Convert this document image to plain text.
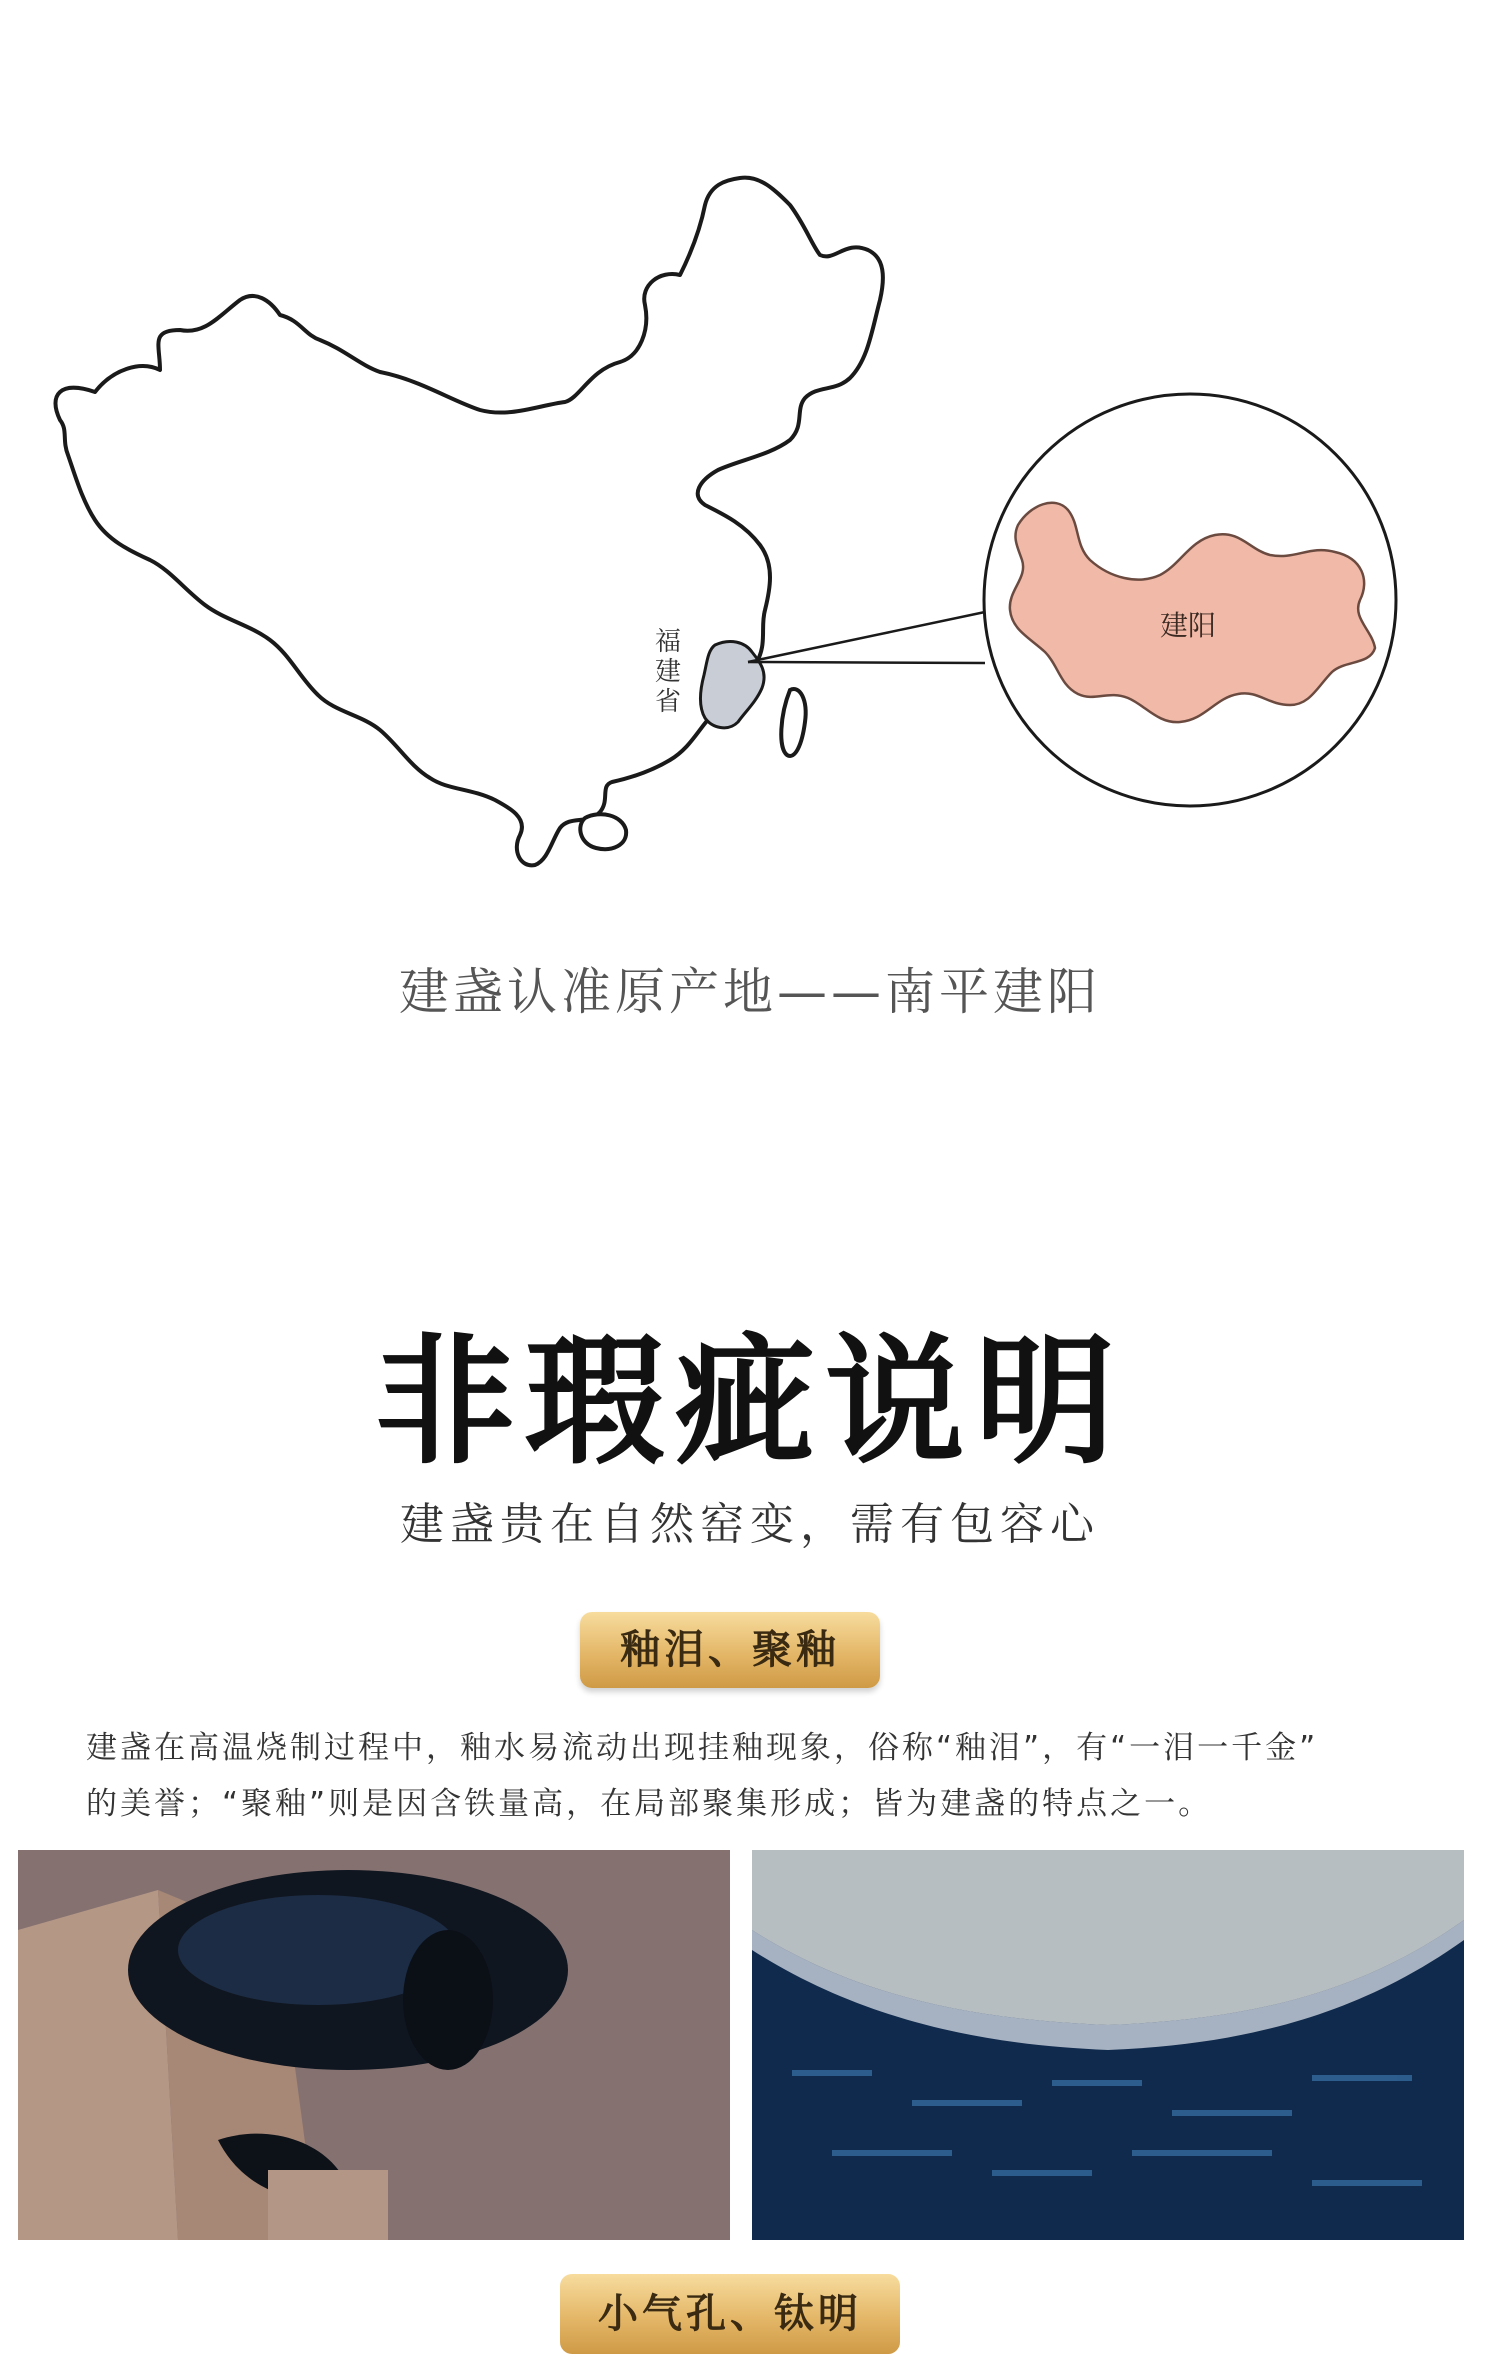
建阳
福
建
省
建盏认准原产地——南平建阳
非瑕疵说明
建盏贵在自然窑变，需有包容心
釉泪、聚釉

建盏在高温烧制过程中，釉水易流动出现挂釉现象，俗称“釉泪”，有“一泪一千金”

的美誉；“聚釉”则是因含铁量高，在局部聚集形成；皆为建盏的特点之一。

小气孔、钛明
